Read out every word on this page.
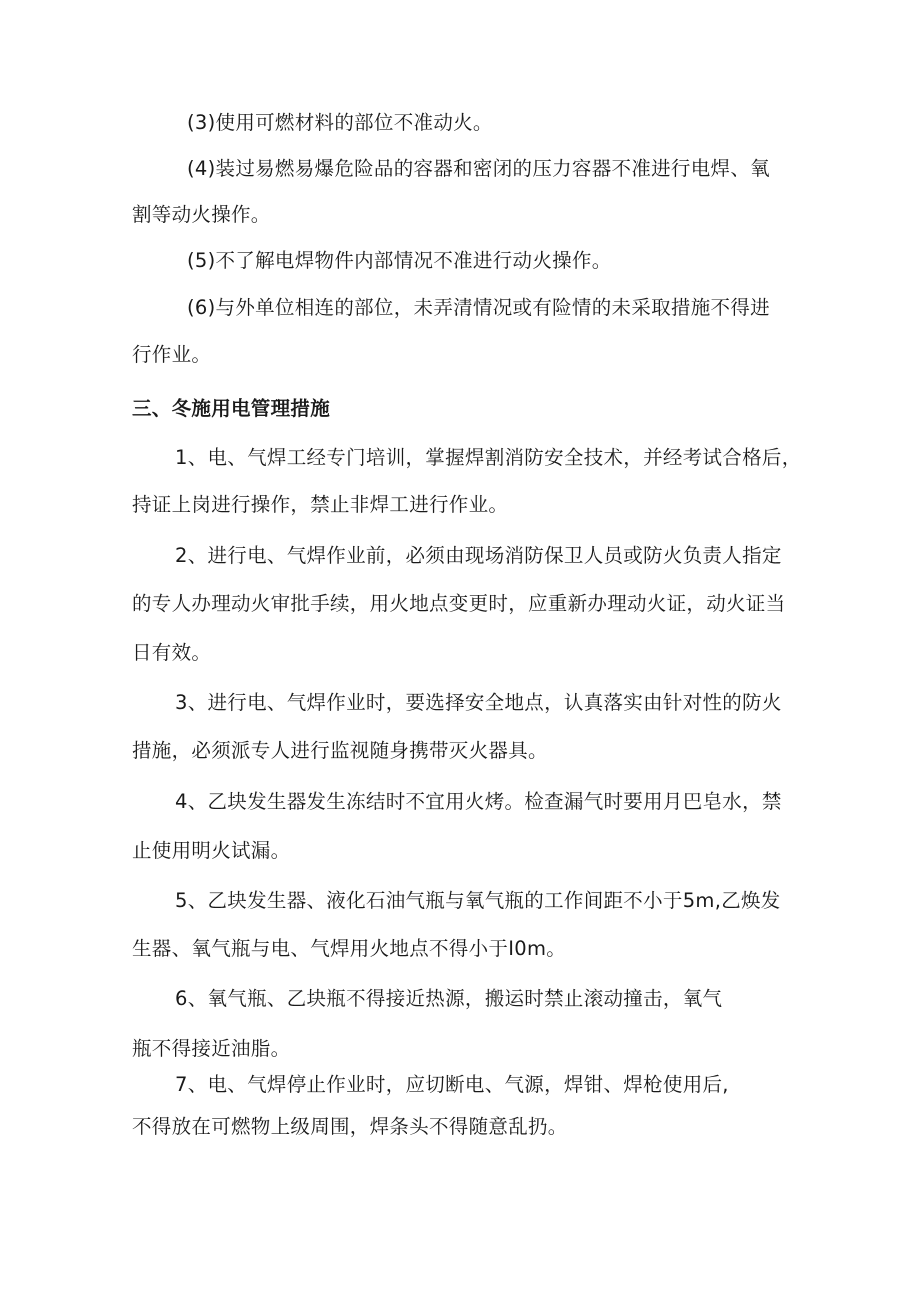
(3)使用可燃材料的部位不准动火。
(4)装过易燃易爆危险品的容器和密闭的压力容器不准进行电焊、氧
割等动火操作。
(5)不了解电焊物件内部情况不准进行动火操作。
(6)与外单位相连的部位，未弄清情况或有险情的未采取措施不得进
行作业。
三、冬施用电管理措施
1、电、气焊工经专门培训，掌握焊割消防安全技术，并经考试合格后，
持证上岗进行操作，禁止非焊工进行作业。
2、进行电、气焊作业前，必须由现场消防保卫人员或防火负责人指定
的专人办理动火审批手续，用火地点变更时，应重新办理动火证，动火证当
日有效。
3、进行电、气焊作业时，要选择安全地点，认真落实由针对性的防火
措施，必须派专人进行监视随身携带灭火器具。
4、乙块发生器发生冻结时不宜用火烤。检查漏气时要用月巴皂水，禁
止使用明火试漏。
5、乙块发生器、液化石油气瓶与氧气瓶的工作间距不小于5m,乙焕发
生器、氧气瓶与电、气焊用火地点不得小于I0m。
6、氧气瓶、乙块瓶不得接近热源，搬运时禁止滚动撞击，氧气
瓶不得接近油脂。
7、电、气焊停止作业时，应切断电、气源，焊钳、焊枪使用后,
不得放在可燃物上级周围，焊条头不得随意乱扔。
